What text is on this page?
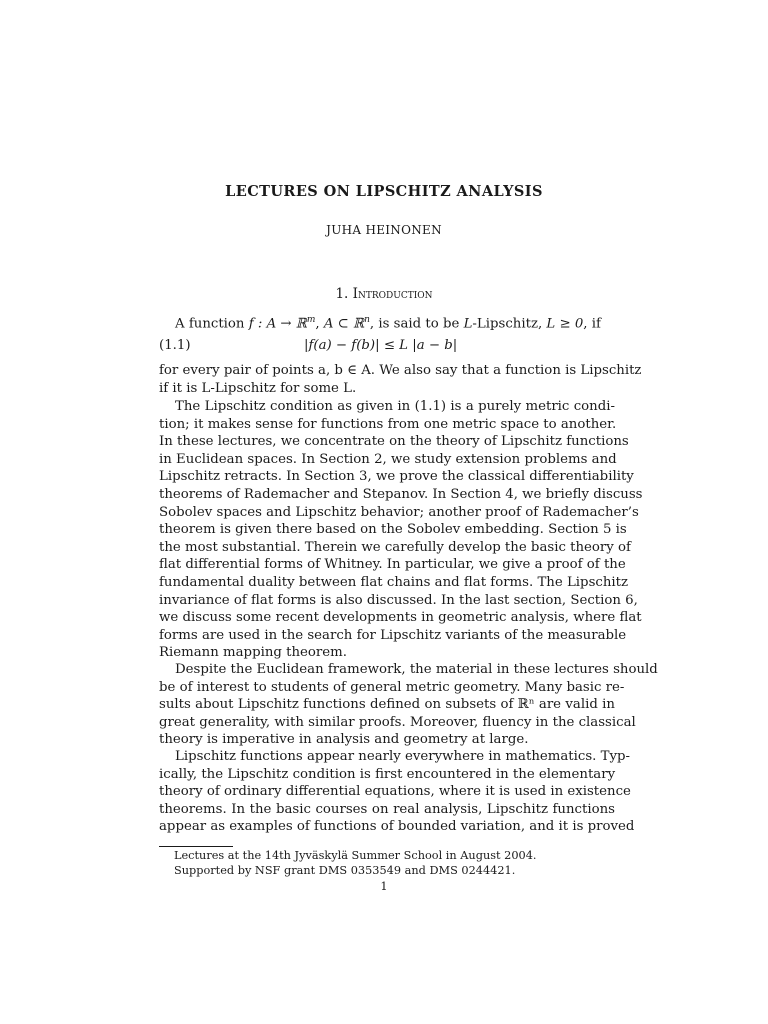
LECTURES ON LIPSCHITZ ANALYSIS
JUHA HEINONEN
1. Introduction
A function f : A → ℝ$^m$, A ⊂ ℝ$^n$, is said to be L-Lipschitz, L ≥ 0, if
(1.1)	|f(a) − f(b)| ≤ L |a − b|
for every pair of points a, b ∈ A. We also say that a function is Lipschitz
if it is L-Lipschitz for some L.
The Lipschitz condition as given in (1.1) is a purely metric condi-
tion; it makes sense for functions from one metric space to another.
In these lectures, we concentrate on the theory of Lipschitz functions
in Euclidean spaces. In Section 2, we study extension problems and
Lipschitz retracts. In Section 3, we prove the classical differentiability
theorems of Rademacher and Stepanov. In Section 4, we briefly discuss
Sobolev spaces and Lipschitz behavior; another proof of Rademacher’s
theorem is given there based on the Sobolev embedding. Section 5 is
the most substantial. Therein we carefully develop the basic theory of
flat differential forms of Whitney. In particular, we give a proof of the
fundamental duality between flat chains and flat forms. The Lipschitz
invariance of flat forms is also discussed. In the last section, Section 6,
we discuss some recent developments in geometric analysis, where flat
forms are used in the search for Lipschitz variants of the measurable
Riemann mapping theorem.
Despite the Euclidean framework, the material in these lectures should
be of interest to students of general metric geometry. Many basic re-
sults about Lipschitz functions defined on subsets of ℝⁿ are valid in
great generality, with similar proofs. Moreover, fluency in the classical
theory is imperative in analysis and geometry at large.
Lipschitz functions appear nearly everywhere in mathematics. Typ-
ically, the Lipschitz condition is first encountered in the elementary
theory of ordinary differential equations, where it is used in existence
theorems. In the basic courses on real analysis, Lipschitz functions
appear as examples of functions of bounded variation, and it is proved
Lectures at the 14th Jyväskylä Summer School in August 2004.
Supported by NSF grant DMS 0353549 and DMS 0244421.
1
